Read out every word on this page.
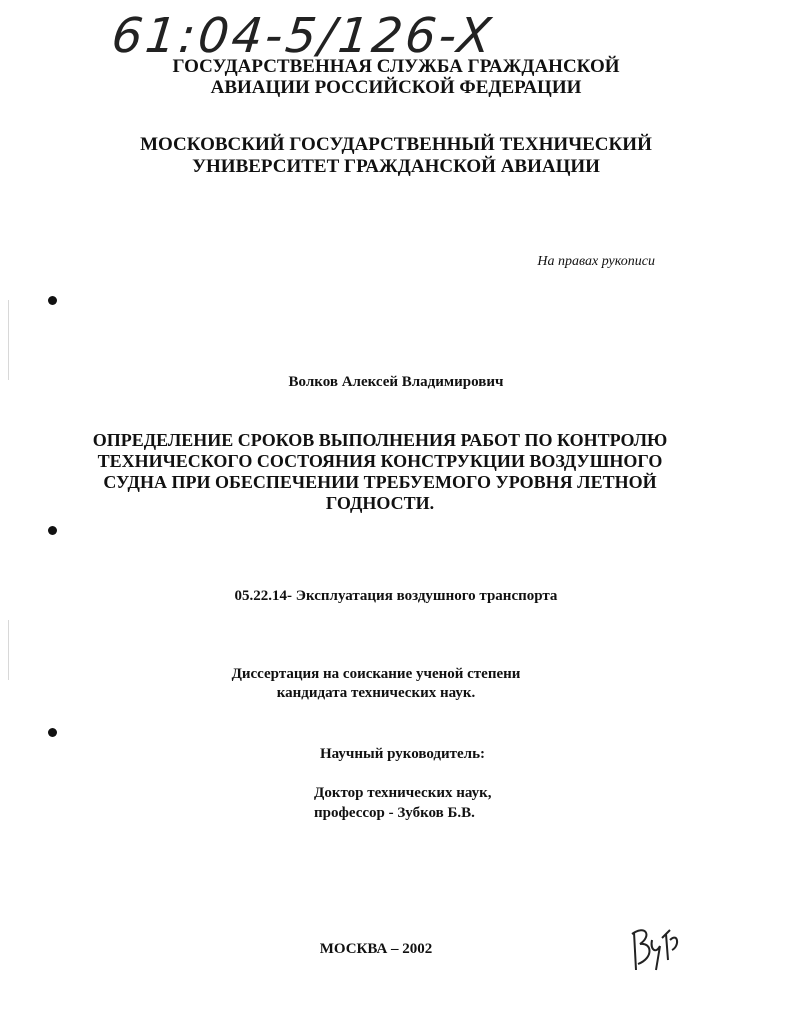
61:04-5/126-X
ГОСУДАРСТВЕННАЯ СЛУЖБА ГРАЖДАНСКОЙ
АВИАЦИИ РОССИЙСКОЙ ФЕДЕРАЦИИ
МОСКОВСКИЙ ГОСУДАРСТВЕННЫЙ ТЕХНИЧЕСКИЙ
УНИВЕРСИТЕТ ГРАЖДАНСКОЙ АВИАЦИИ
На правах рукописи
Волков Алексей Владимирович
ОПРЕДЕЛЕНИЕ СРОКОВ ВЫПОЛНЕНИЯ РАБОТ ПО КОНТРОЛЮ
ТЕХНИЧЕСКОГО СОСТОЯНИЯ КОНСТРУКЦИИ ВОЗДУШНОГО
СУДНА ПРИ ОБЕСПЕЧЕНИИ ТРЕБУЕМОГО УРОВНЯ ЛЕТНОЙ
ГОДНОСТИ.
05.22.14- Эксплуатация воздушного транспорта
Диссертация на соискание ученой степени
кандидата технических наук.
Научный руководитель:
Доктор технических наук,
профессор - Зубков Б.В.
МОСКВА – 2002
